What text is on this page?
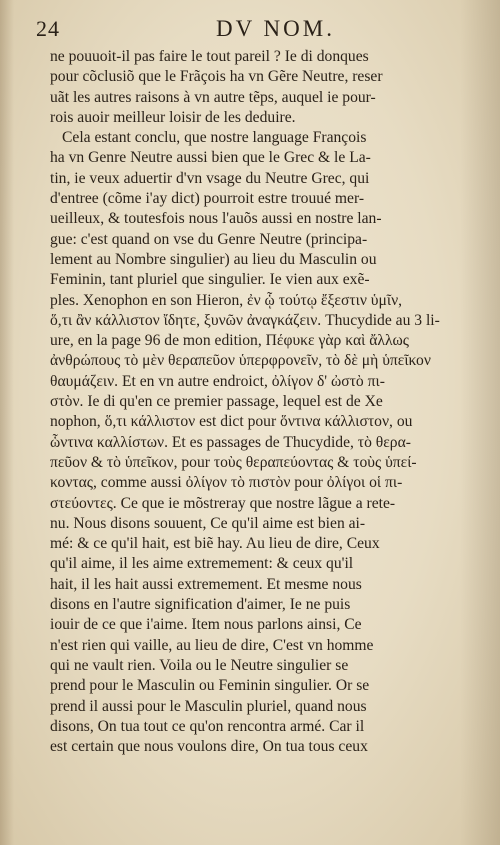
24	DV NOM.
ne pouuoit-il pas faire le tout pareil ? Ie di donques
pour cõclusiõ que le Frãçois ha vn Gẽre Neutre, reser
uãt les autres raisons à vn autre tẽps, auquel ie pour-
rois auoir meilleur loisir de les deduire.
Cela estant conclu, que nostre language François
ha vn Genre Neutre aussi bien que le Grec & le La-
tin, ie veux aduertir d'vn vsage du Neutre Grec, qui
d'entree (cõme i'ay dict) pourroit estre trouué mer-
ueilleux, & toutesfois nous l'auõs aussi en nostre lan-
gue: c'est quand on vse du Genre Neutre (principa-
lement au Nombre singulier) au lieu du Masculin ou
Feminin, tant pluriel que singulier. Ie vien aux exẽ-
ples. Xenophon en son Hieron, ἐν ᾧ τούτῳ ἔξεστιν ὑμῖν,
ὅ,τι ἂν κάλλιστον ἴδητε, ξυνῶν ἀναγκάζειν. Thucydide au 3 li-
ure, en la page 96 de mon edition, Πέφυκε γὰρ καὶ ἄλλως
ἀνθρώπους τὸ μὲν θεραπεῦον ὑπερφρονεῖν, τὸ δὲ μὴ ὑπεῖκον
θαυμάζειν. Et en vn autre endroict, ὀλίγον δ' ὠστὸ πι-
στὸν. Ie di qu'en ce premier passage, lequel est de Xe
nophon, ὅ,τι κάλλιστον est dict pour ὅντινα κάλλιστον, ou
ὧντινα καλλίστων. Et es passages de Thucydide, τὸ θερα-
πεῦον & τὸ ὑπεῖκον, pour τοὺς θεραπεύοντας & τοὺς ὑπεί-
κοντας, comme aussi ὀλίγον τὸ πιστὸν pour ὀλίγοι οἱ πι-
στεύοντες. Ce que ie mõstreray que nostre lãgue a rete-
nu. Nous disons souuent, Ce qu'il aime est bien ai-
mé: & ce qu'il hait, est biẽ hay. Au lieu de dire, Ceux
qu'il aime, il les aime extremement: & ceux qu'il
hait, il les hait aussi extremement. Et mesme nous
disons en l'autre signification d'aimer, Ie ne puis
iouir de ce que i'aime. Item nous parlons ainsi, Ce
n'est rien qui vaille, au lieu de dire, C'est vn homme
qui ne vault rien. Voila ou le Neutre singulier se
prend pour le Masculin ou Feminin singulier. Or se
prend il aussi pour le Masculin pluriel, quand nous
disons, On tua tout ce qu'on rencontra armé. Car il
est certain que nous voulons dire, On tua tous ceux
